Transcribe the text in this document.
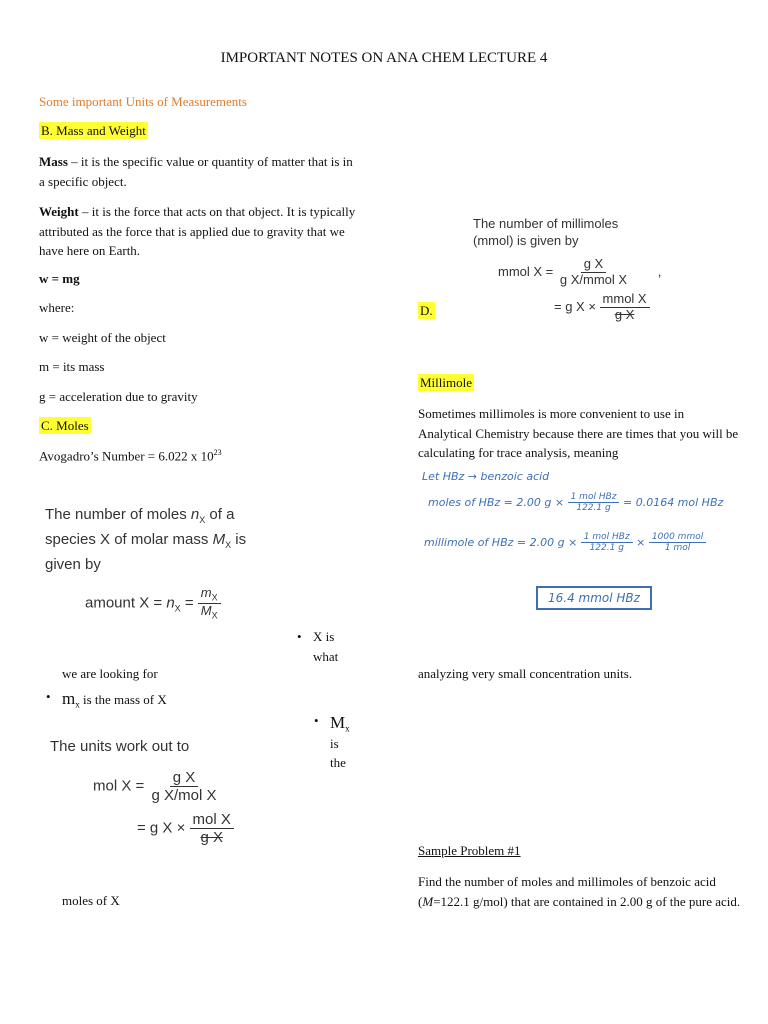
IMPORTANT NOTES ON ANA CHEM LECTURE 4
Some important Units of Measurements
B. Mass and Weight
Mass – it is the specific value or quantity of matter that is in a specific object.
Weight – it is the force that acts on that object. It is typically attributed as the force that is applied due to gravity that we have here on Earth.
w = mg
where:
w = weight of the object
m = its mass
g = acceleration due to gravity
C. Moles
Avogadro’s Number = 6.022 x $10^{23}$
The number of moles $n_X$ of a
species X of molar mass $M_X$ is
given by
amount $X = n_X = \frac{m_X}{M_X}$
• X is
what
we are looking for
• $m_x$ is the mass of X
• $M_x$
is
the
The units work out to
mol $X = \frac{\text{g X}}{\text{g X/mol X}}$
= g $X \times \frac{\text{mol X}}{\text{g X}}$
moles of X
The number of millimoles
(mmol) is given by
mmol $X = \frac{\text{g X}}{\text{g X/mmol X}}$ ,
= g $X \times \frac{\text{mmol X}}{\text{g X}}$
D.
Millimole
Sometimes millimoles is more convenient to use in Analytical Chemistry because there are times that you will be calculating for trace analysis, meaning
Let HBz → benzoic acid
moles of HBz = 2.00 $g \times \frac{\text{1 mol HBz}}{122.1 g} = 0.0164$ mol HBz
millimole of HBz = 2.00 $g \times \frac{\text{1 mol HBz}}{122.1 g} \times \frac{\text{1000 mmol}}{\text{1 mol}}$
16.4 mmol HBz
analyzing very small concentration units.
Sample Problem #1
Find the number of moles and millimoles of benzoic acid (M=122.1 g/mol) that are contained in 2.00 g of the pure acid.
